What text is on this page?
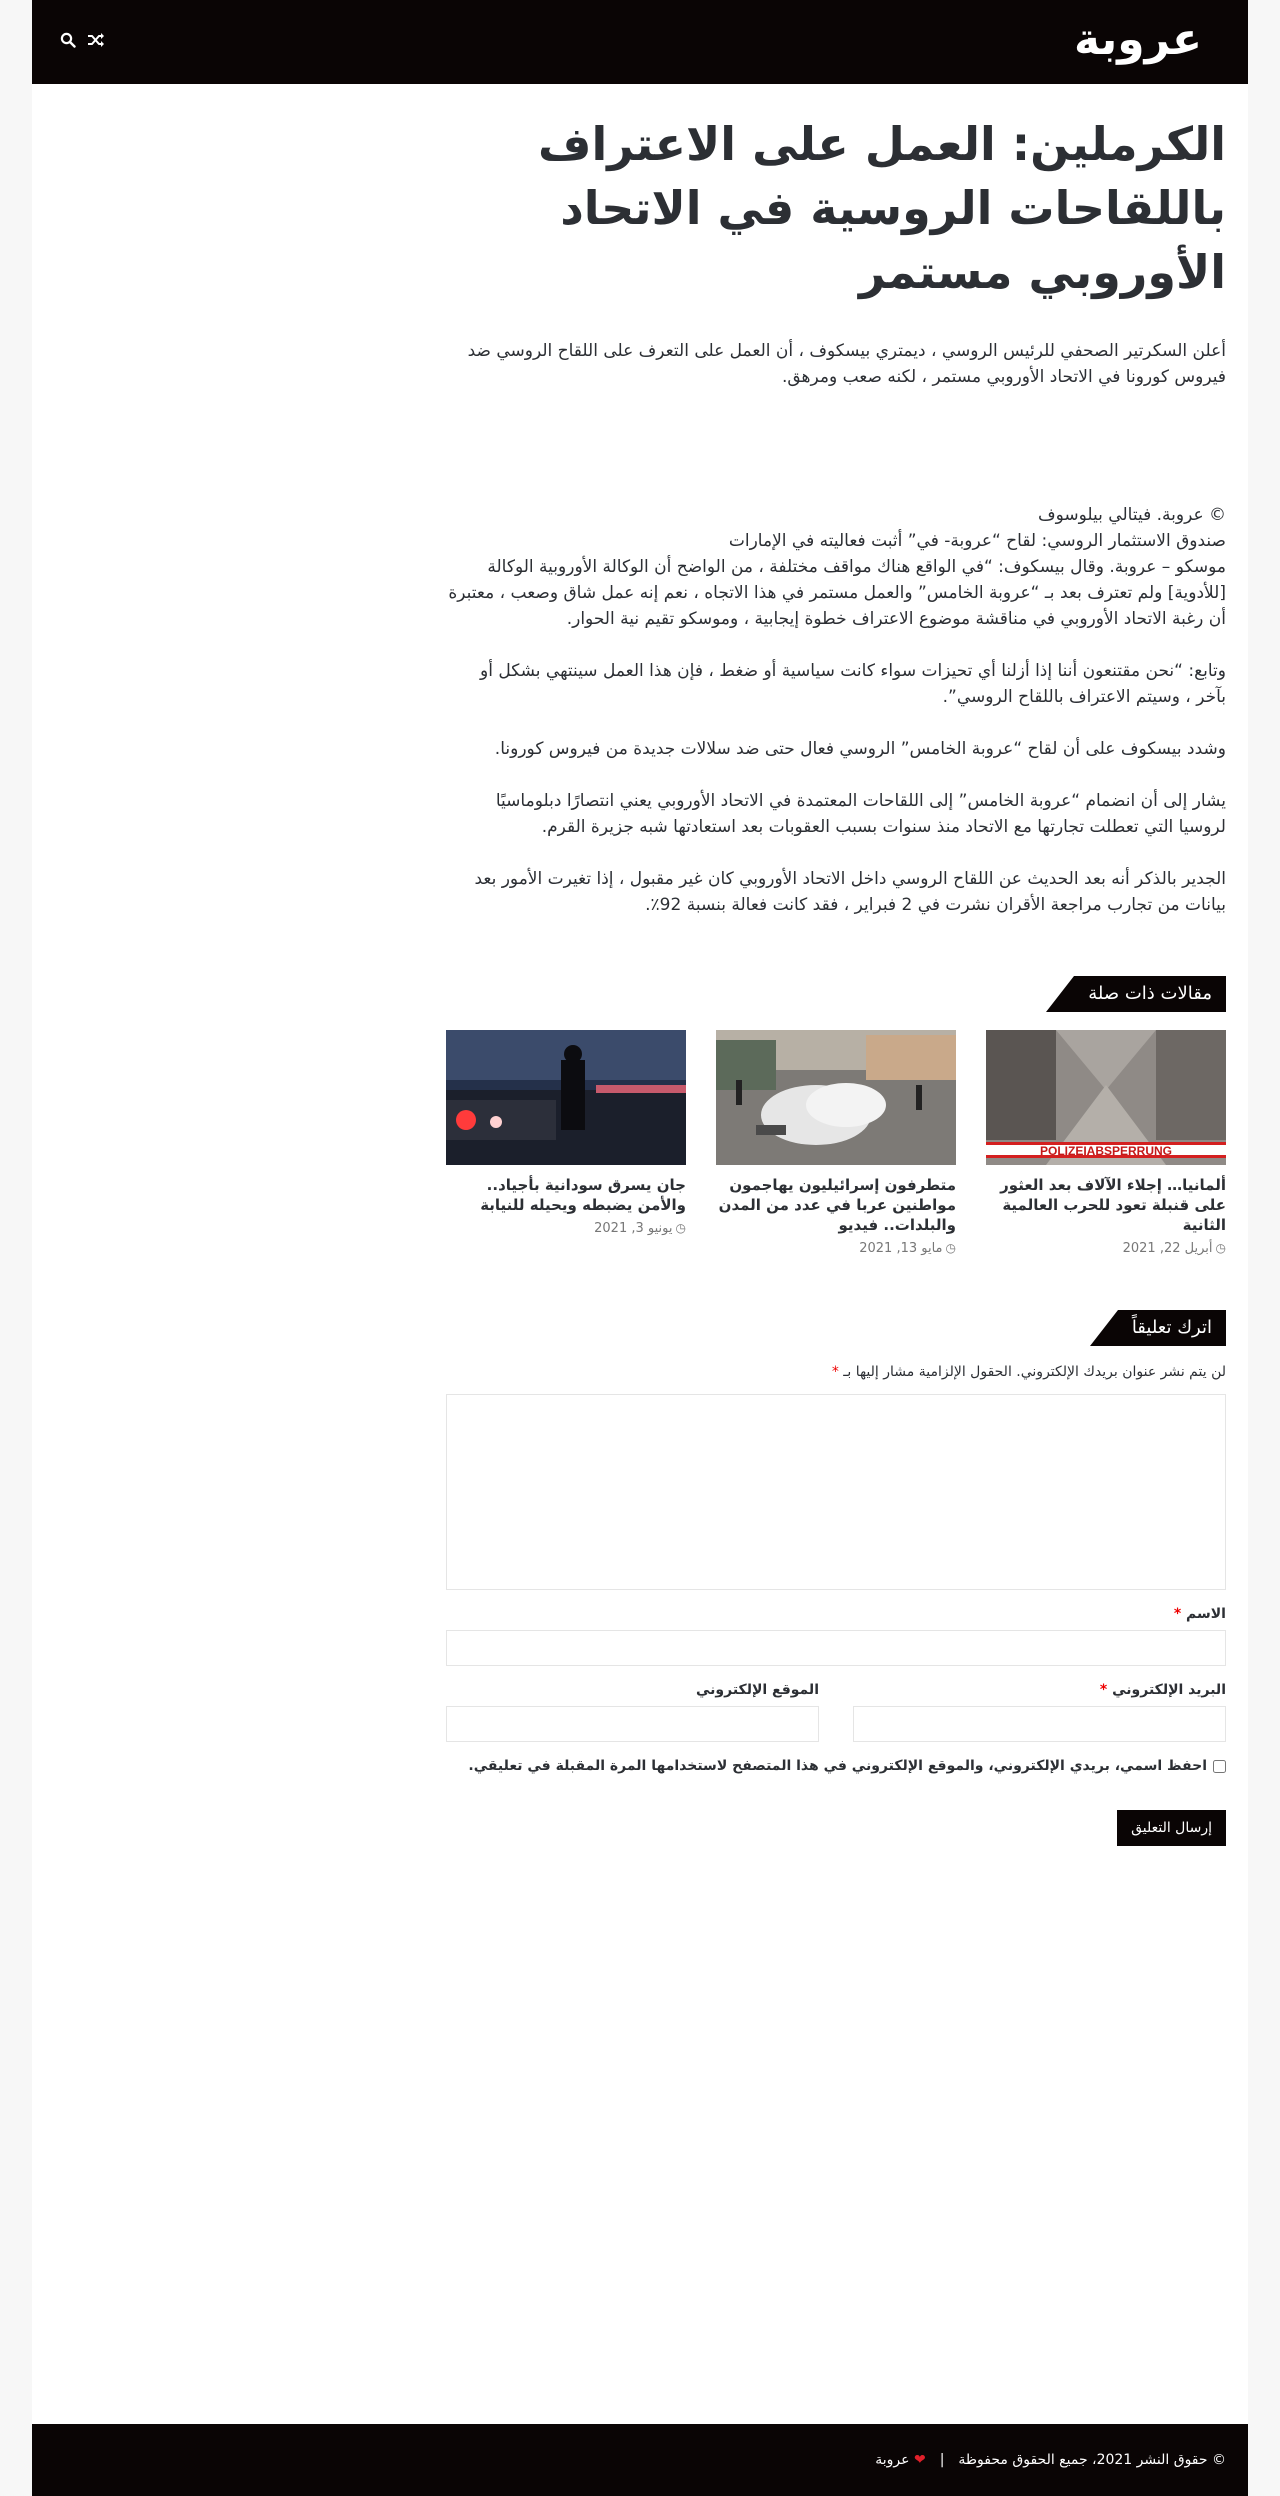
عروبة
الكرملين: العمل على الاعتراف باللقاحات الروسية في الاتحاد الأوروبي مستمر

أعلن السكرتير الصحفي للرئيس الروسي ، ديمتري بيسكوف ، أن العمل على التعرف على اللقاح الروسي ضد فيروس كورونا في الاتحاد الأوروبي مستمر ، لكنه صعب ومرهق.

© عروبة. فيتالي بيلوسوف

صندوق الاستثمار الروسي: لقاح “عروبة- في” أثبت فعاليته في الإمارات

موسكو – عروبة. وقال بيسكوف: “في الواقع هناك مواقف مختلفة ، من الواضح أن الوكالة الأوروبية الوكالة [للأدوية] ولم تعترف بعد بـ “عروبة الخامس” والعمل مستمر في هذا الاتجاه ، نعم إنه عمل شاق وصعب ، معتبرة أن رغبة الاتحاد الأوروبي في مناقشة موضوع الاعتراف خطوة إيجابية ، وموسكو تقيم نية الحوار.

وتابع: “نحن مقتنعون أننا إذا أزلنا أي تحيزات سواء كانت سياسية أو ضغط ، فإن هذا العمل سينتهي بشكل أو بآخر ، وسيتم الاعتراف باللقاح الروسي”.

وشدد بيسكوف على أن لقاح “عروبة الخامس” الروسي فعال حتى ضد سلالات جديدة من فيروس كورونا.

يشار إلى أن انضمام “عروبة الخامس” إلى اللقاحات المعتمدة في الاتحاد الأوروبي يعني انتصارًا دبلوماسيًا لروسيا التي تعطلت تجارتها مع الاتحاد منذ سنوات بسبب العقوبات بعد استعادتها شبه جزيرة القرم.

الجدير بالذكر أنه بعد الحديث عن اللقاح الروسي داخل الاتحاد الأوروبي كان غير مقبول ، إذا تغيرت الأمور بعد بيانات من تجارب مراجعة الأقران نشرت في 2 فبراير ، فقد كانت فعالة بنسبة 92٪.

مقالات ذات صلة
POLIZEIABSPERRUNG
ألمانيا… إجلاء الآلاف بعد العثور على قنبلة تعود للحرب العالمية الثانية
◷أبريل 22, 2021
متطرفون إسرائيليون يهاجمون مواطنين عربا في عدد من المدن والبلدات.. فيديو
◷مايو 13, 2021
جان يسرق سودانية بأجياد.. والأمن يضبطه ويحيله للنيابة
◷يونيو 3, 2021
اترك تعليقاً

لن يتم نشر عنوان بريدك الإلكتروني. الحقول الإلزامية مشار إليها بـ *

الاسم *
البريد الإلكتروني *
الموقع الإلكتروني
احفظ اسمي، بريدي الإلكتروني، والموقع الإلكتروني في هذا المتصفح لاستخدامها المرة المقبلة في تعليقي.
إرسال التعليق
© حقوق النشر 2021، جميع الحقوق محفوظة
|
❤ عروبة
